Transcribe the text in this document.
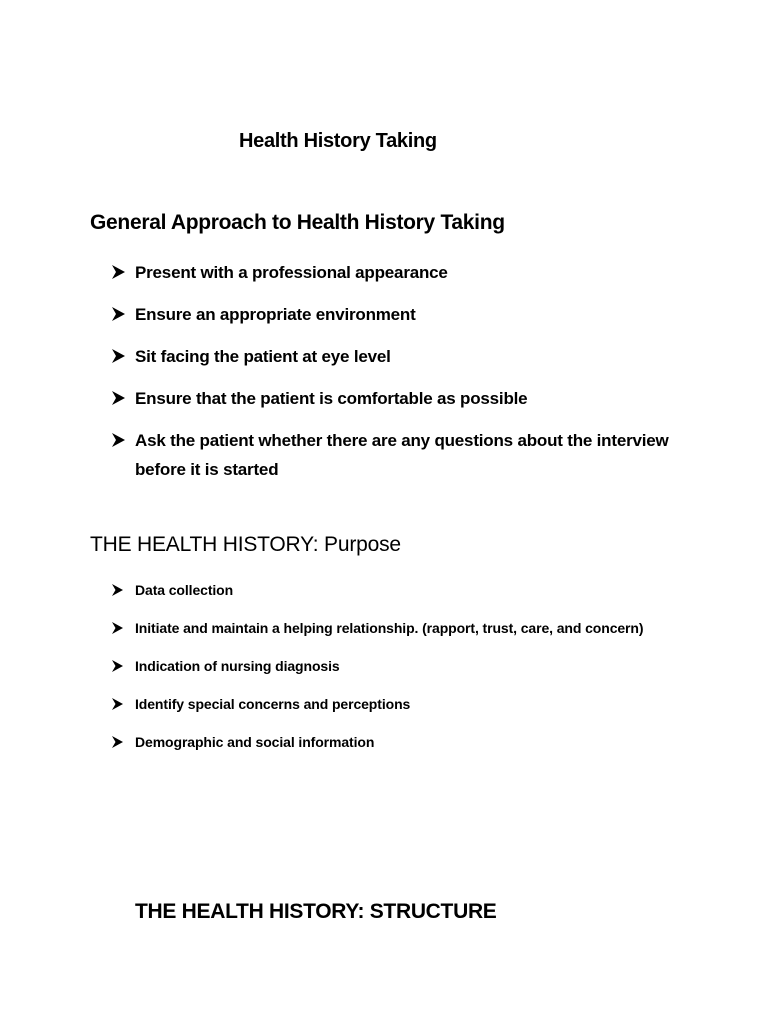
Health History Taking
General Approach to Health History Taking
Present with a professional appearance
Ensure an appropriate environment
Sit facing the patient at eye level
Ensure that the patient is comfortable as possible
Ask the patient whether there are any questions about the interview before it is started
THE HEALTH HISTORY: Purpose
Data collection
Initiate and maintain a helping relationship. (rapport, trust, care, and concern)
Indication of nursing diagnosis
Identify special concerns and perceptions
Demographic and social information
THE HEALTH HISTORY: STRUCTURE
